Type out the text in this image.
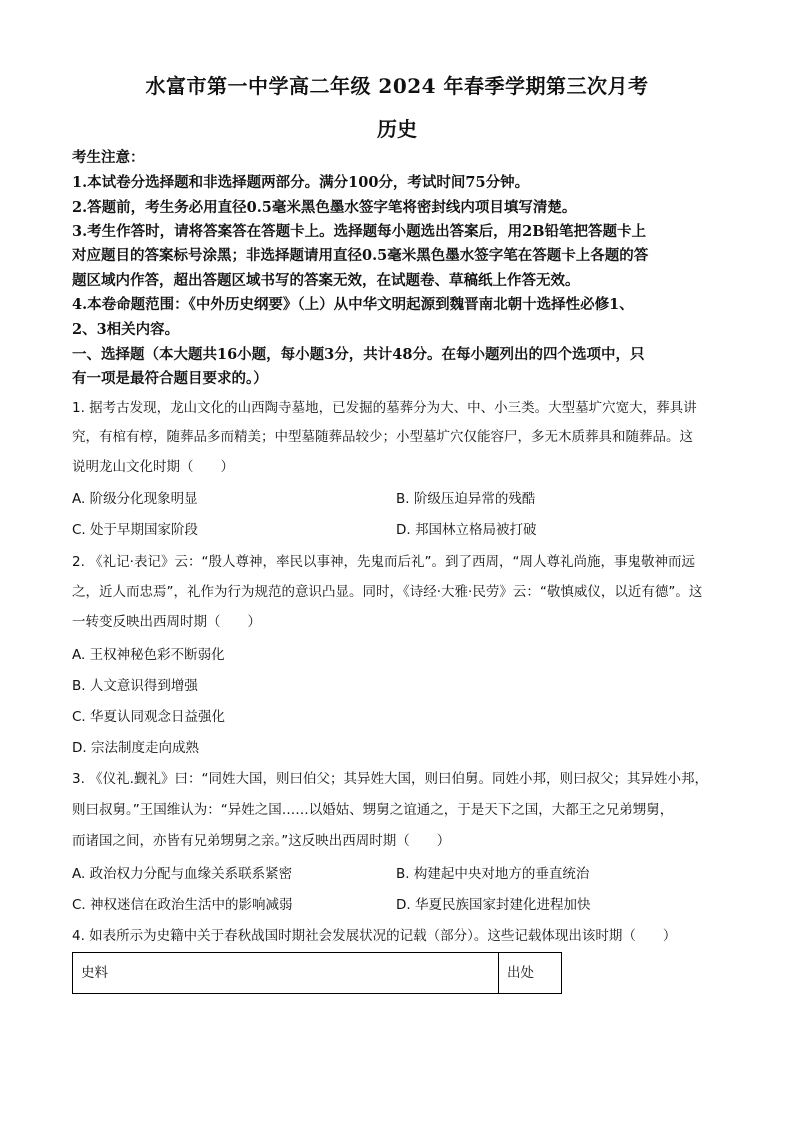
水富市第一中学高二年级 2024 年春季学期第三次月考
历史
考生注意：
1.本试卷分选择题和非选择题两部分。满分100分，考试时间75分钟。
2.答题前，考生务必用直径0.5毫米黑色墨水签字笔将密封线内项目填写清楚。
3.考生作答时，请将答案答在答题卡上。选择题每小题选出答案后，用2B铅笔把答题卡上
对应题目的答案标号涂黑；非选择题请用直径0.5毫米黑色墨水签字笔在答题卡上各题的答
题区域内作答，超出答题区域书写的答案无效，在试题卷、草稿纸上作答无效。
4.本卷命题范围：《中外历史纲要》（上）从中华文明起源到魏晋南北朝十选择性必修1、
2、3相关内容。
一、选择题（本大题共16小题，每小题3分，共计48分。在每小题列出的四个选项中，只
有一项是最符合题目要求的。）
1. 据考古发现，龙山文化的山西陶寺墓地，已发掘的墓葬分为大、中、小三类。大型墓圹穴宽大，葬具讲
究，有棺有椁，随葬品多而精美；中型墓随葬品较少；小型墓圹穴仅能容尸，多无木质葬具和随葬品。这
说明龙山文化时期（　　）
A. 阶级分化现象明显	B. 阶级压迫异常的残酷
C. 处于早期国家阶段	D. 邦国林立格局被打破
2. 《礼记·表记》云：“殷人尊神，率民以事神，先鬼而后礼”。到了西周，“周人尊礼尚施，事鬼敬神而远
之，近人而忠焉”，礼作为行为规范的意识凸显。同时，《诗经·大雅·民劳》云：“敬慎威仪，以近有德”。这
一转变反映出西周时期（　　）
A. 王权神秘色彩不断弱化
B. 人文意识得到增强
C. 华夏认同观念日益强化
D. 宗法制度走向成熟
3. 《仪礼.觐礼》曰：“同姓大国，则曰伯父；其异姓大国，则曰伯舅。同姓小邦，则曰叔父；其异姓小邦，
则曰叔舅。”王国维认为：“异姓之国……以婚姑、甥舅之谊通之，于是天下之国，大都王之兄弟甥舅，
而诸国之间，亦皆有兄弟甥舅之亲。”这反映出西周时期（　　）
A. 政治权力分配与血缘关系联系紧密	B. 构建起中央对地方的垂直统治
C. 神权迷信在政治生活中的影响减弱	D. 华夏民族国家封建化进程加快
4. 如表所示为史籍中关于春秋战国时期社会发展状况的记载（部分）。这些记载体现出该时期（　　）
史料	出处
